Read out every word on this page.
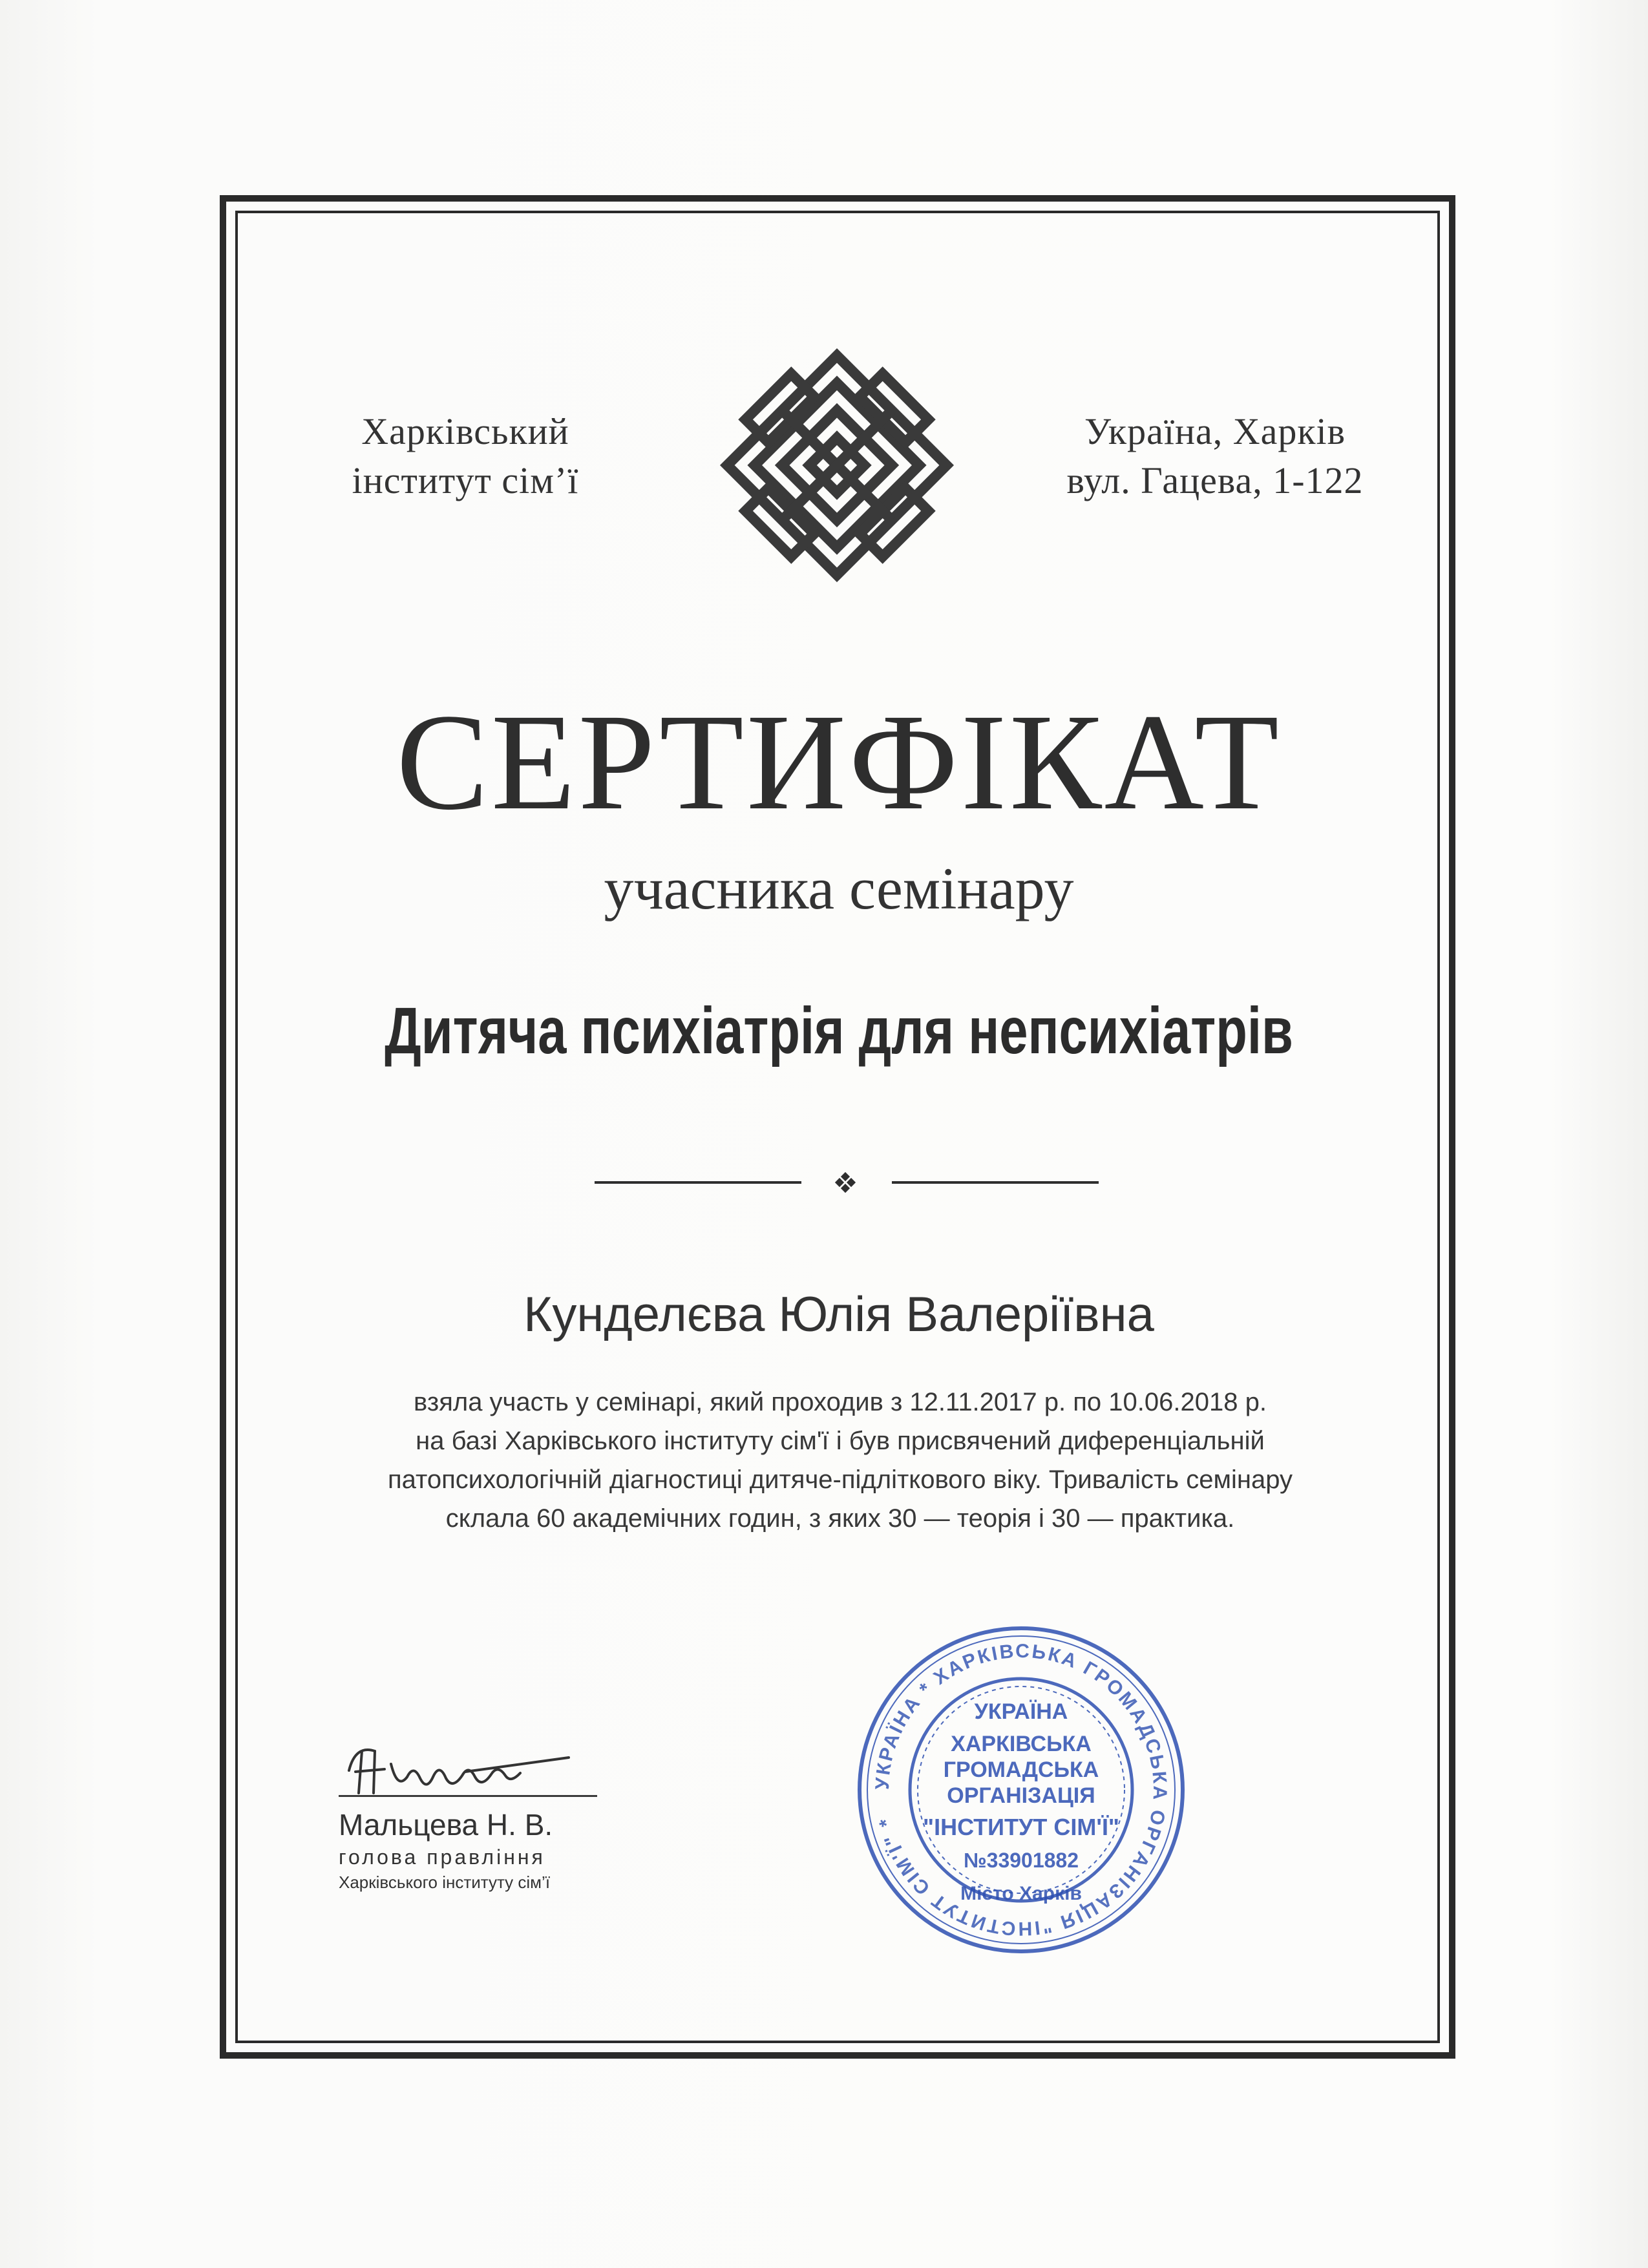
Харківський
інститут сім’ї
Україна, Харків
вул. Гацева, 1-122
СЕРТИФІКАТ
учасника семінару
Дитяча психіатрія для непсихіатрів
Кунделєва Юлія Валеріївна
взяла участь у семінарі, який проходив з 12.11.2017 р. по 10.06.2018 р.
на базі Харківського інституту сім'ї і був присвячений диференціальній
патопсихологічній діагностиці дитяче-підліткового віку. Тривалість семінару
склала 60 академічних годин, з яких 30 — теорія і 30 — практика.
Мальцева Н. В.
голова правління
Харківського інституту сім’ї
УКРАЇНА * ХАРКІВСЬКА ГРОМАДСЬКА ОРГАНІЗАЦІЯ "ІНСТИТУТ СІМ'Ї" *
УКРАЇНА
ХАРКІВСЬКА
ГРОМАДСЬКА
ОРГАНІЗАЦІЯ
"ІНСТИТУТ СІМ'Ї"
№33901882
Місто Харків
